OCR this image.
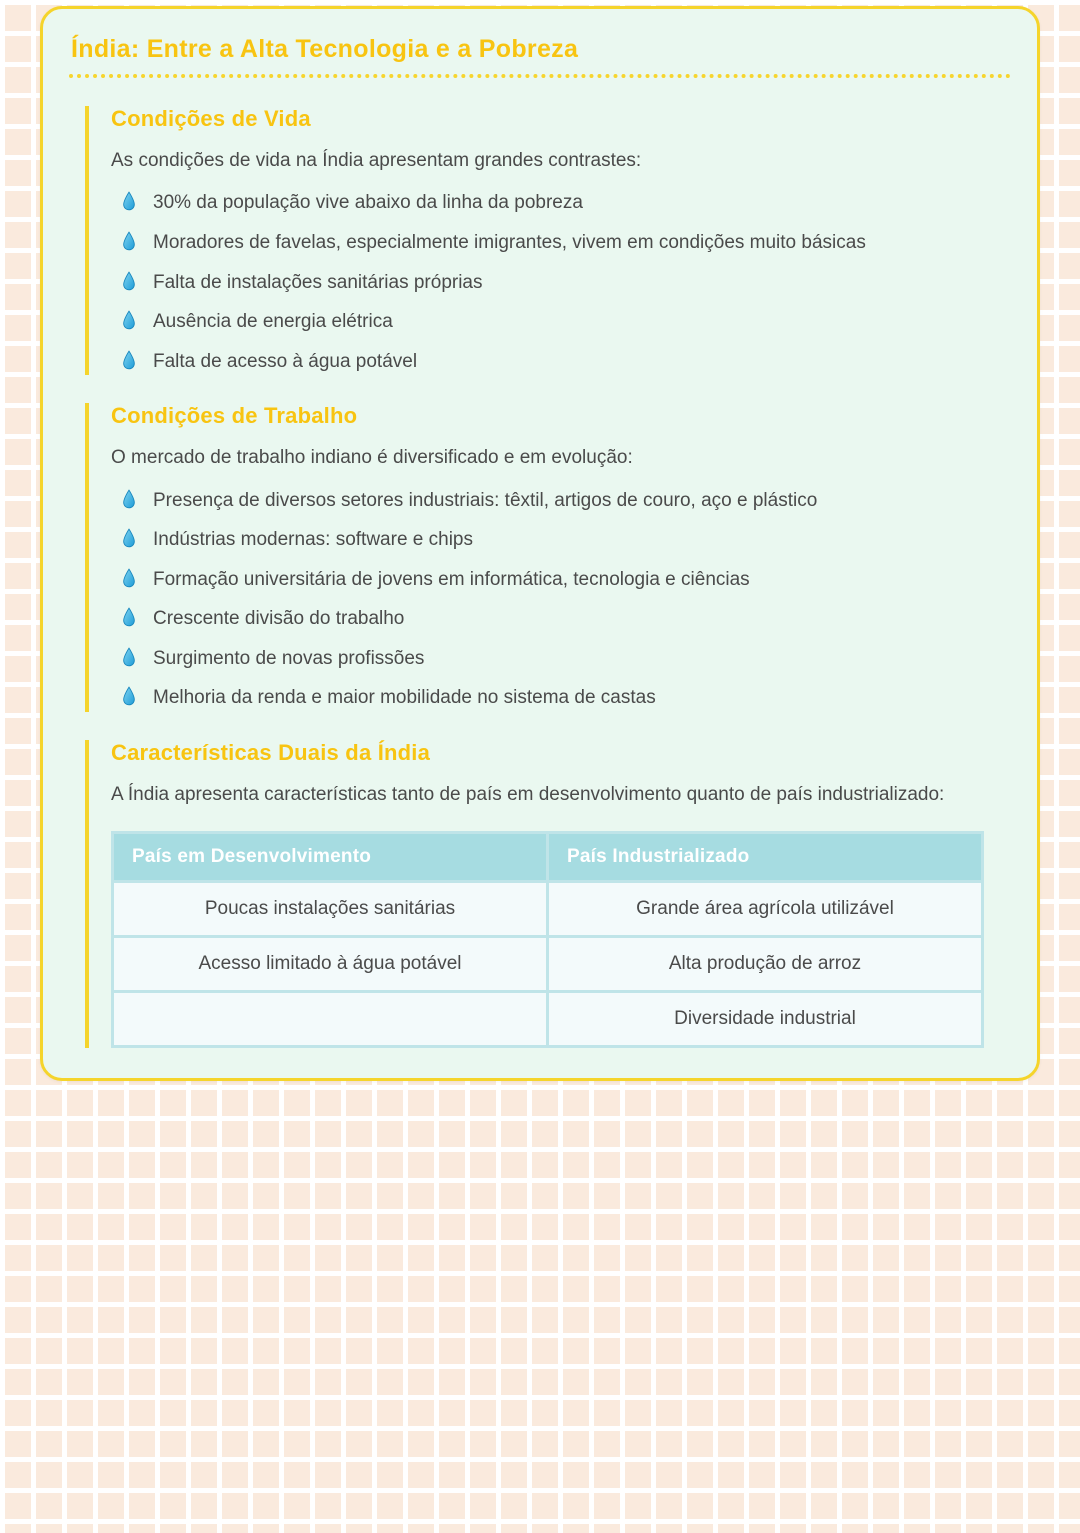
Índia: Entre a Alta Tecnologia e a Pobreza
Condições de Vida

As condições de vida na Índia apresentam grandes contrastes:

30% da população vive abaixo da linha da pobreza
Moradores de favelas, especialmente imigrantes, vivem em condições muito básicas
Falta de instalações sanitárias próprias
Ausência de energia elétrica
Falta de acesso à água potável
Condições de Trabalho

O mercado de trabalho indiano é diversificado e em evolução:

Presença de diversos setores industriais: têxtil, artigos de couro, aço e plástico
Indústrias modernas: software e chips
Formação universitária de jovens em informática, tecnologia e ciências
Crescente divisão do trabalho
Surgimento de novas profissões
Melhoria da renda e maior mobilidade no sistema de castas
Características Duais da Índia

A Índia apresenta características tanto de país em desenvolvimento quanto de país industrializado:

País em Desenvolvimento	País Industrializado
Poucas instalações sanitárias	Grande área agrícola utilizável
Acesso limitado à água potável	Alta produção de arroz
	Diversidade industrial
